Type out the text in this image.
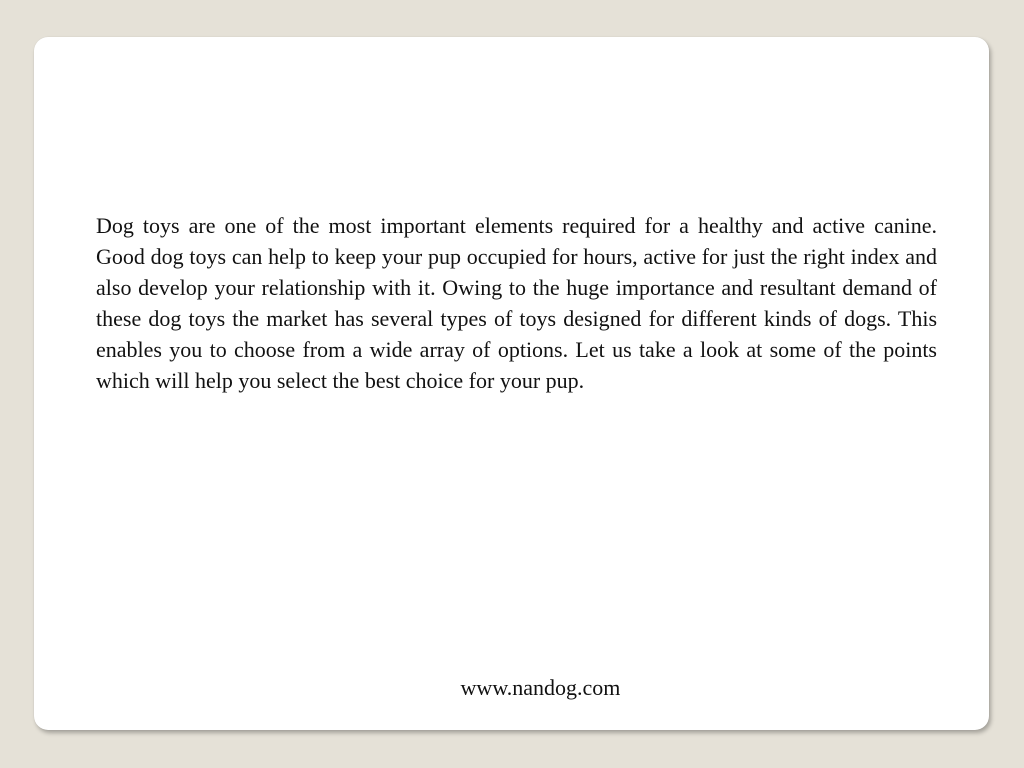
Dog toys are one of the most important elements required for a healthy and active canine. Good dog toys can help to keep your pup occupied for hours, active for just the right index and also develop your relationship with it. Owing to the huge importance and resultant demand of these dog toys the market has several types of toys designed for different kinds of dogs. This enables you to choose from a wide array of options. Let us take a look at some of the points which will help you select the best choice for your pup.

www.nandog.com
